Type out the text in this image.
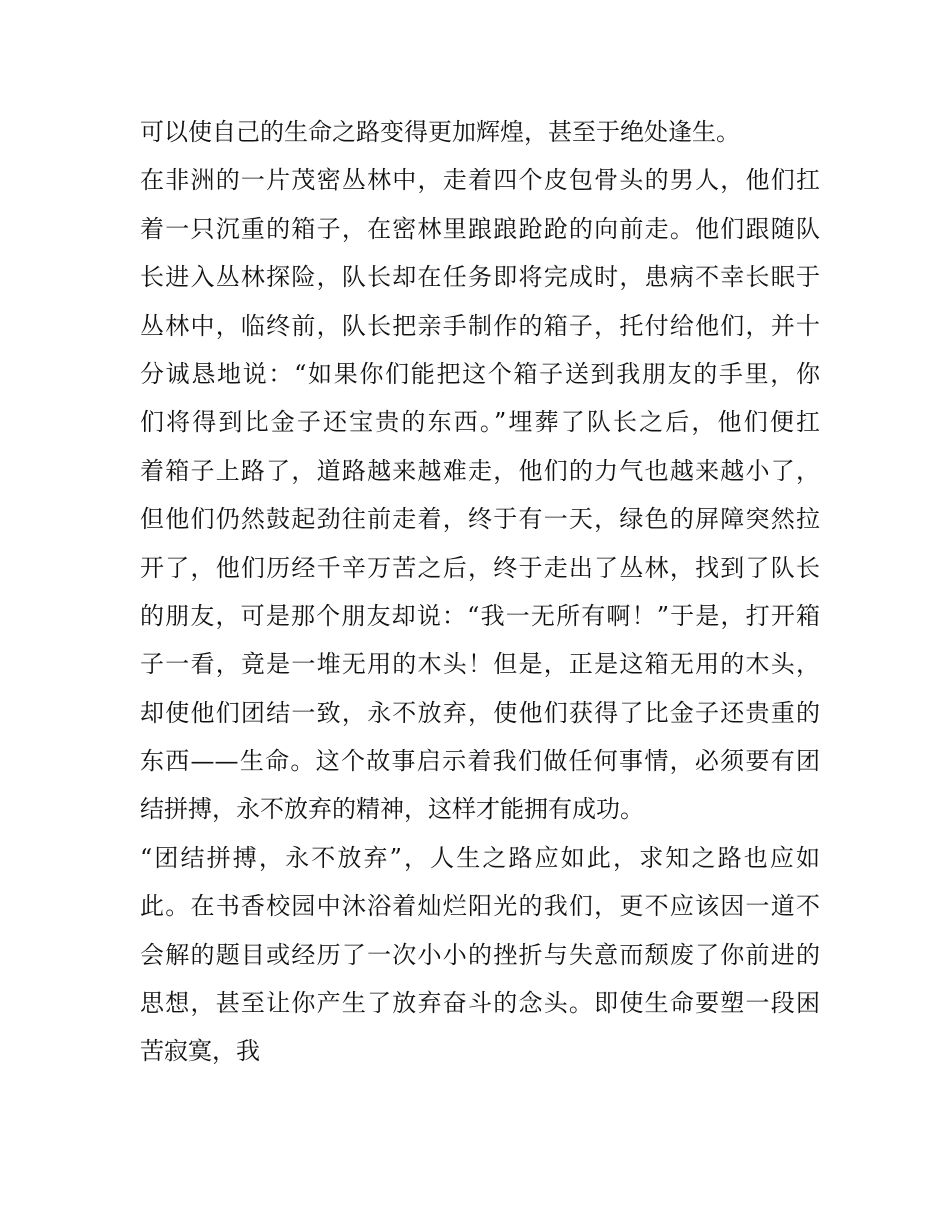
可以使自己的生命之路变得更加辉煌，甚至于绝处逢生。
在非洲的一片茂密丛林中，走着四个皮包骨头的男人，他们扛
着一只沉重的箱子，在密林里踉踉跄跄的向前走。他们跟随队
长进入丛林探险，队长却在任务即将完成时，患病不幸长眠于
丛林中，临终前，队长把亲手制作的箱子，托付给他们，并十
分诚恳地说：“如果你们能把这个箱子送到我朋友的手里，你
们将得到比金子还宝贵的东西。”埋葬了队长之后，他们便扛
着箱子上路了，道路越来越难走，他们的力气也越来越小了，
但他们仍然鼓起劲往前走着，终于有一天，绿色的屏障突然拉
开了，他们历经千辛万苦之后，终于走出了丛林，找到了队长
的朋友，可是那个朋友却说：“我一无所有啊！”于是，打开箱
子一看，竟是一堆无用的木头！但是，正是这箱无用的木头，
却使他们团结一致，永不放弃，使他们获得了比金子还贵重的
东西——生命。这个故事启示着我们做任何事情，必须要有团
结拼搏，永不放弃的精神，这样才能拥有成功。
“团结拼搏，永不放弃”，人生之路应如此，求知之路也应如
此。在书香校园中沐浴着灿烂阳光的我们，更不应该因一道不
会解的题目或经历了一次小小的挫折与失意而颓废了你前进的
思想，甚至让你产生了放弃奋斗的念头。即使生命要塑一段困
苦寂寞，我
